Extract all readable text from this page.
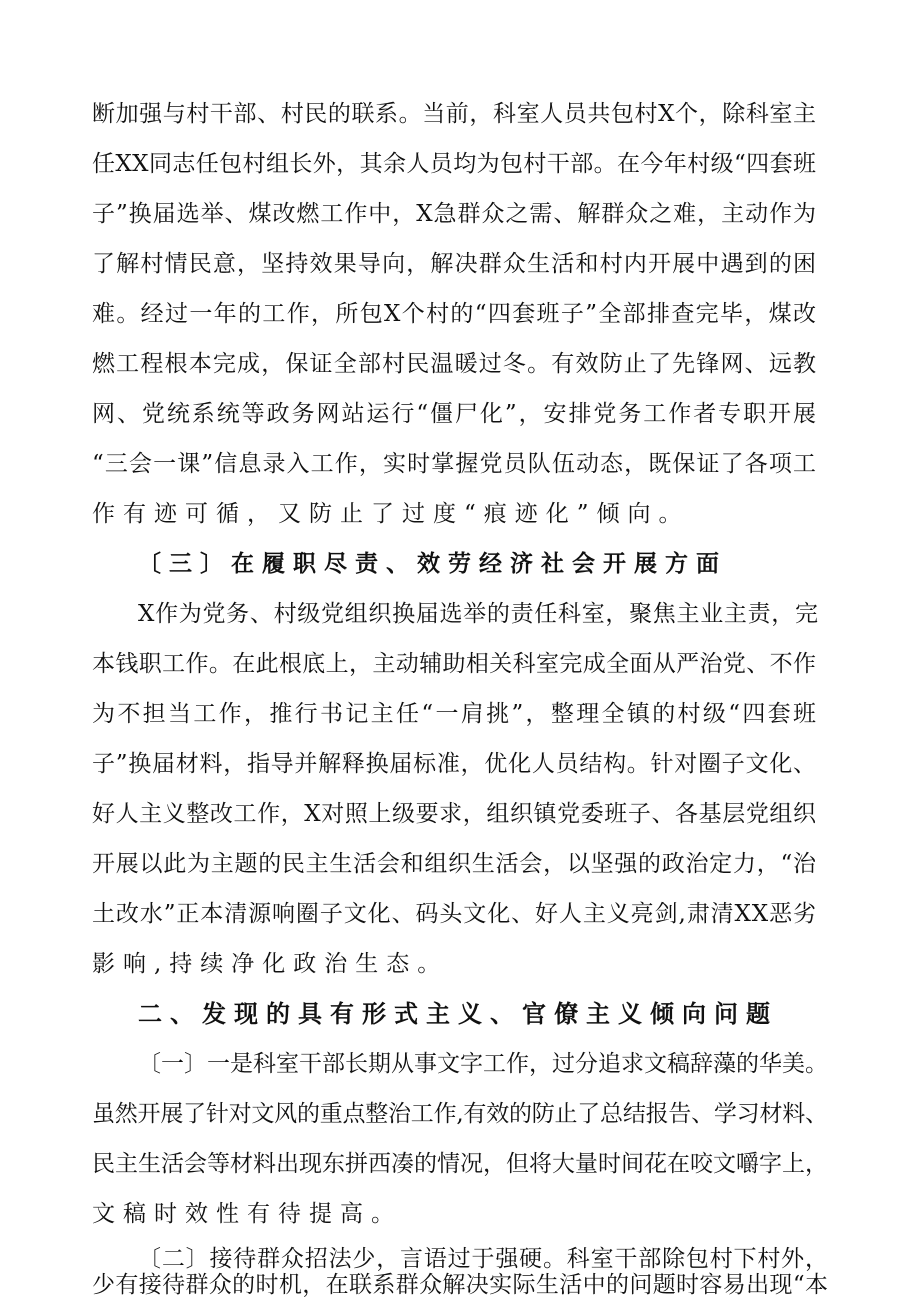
断加强与村干部、村民的联系。当前，科室人员共包村X个，除科室主
任XX同志任包村组长外，其余人员均为包村干部。在今年村级“四套班
子”换届选举、煤改燃工作中，X急群众之需、解群众之难，主动作为
了解村情民意，坚持效果导向，解决群众生活和村内开展中遇到的困
难。经过一年的工作，所包X个村的“四套班子”全部排查完毕，煤改
燃工程根本完成，保证全部村民温暖过冬。有效防止了先锋网、远教
网、党统系统等政务网站运行“僵尸化”，安排党务工作者专职开展
“三会一课”信息录入工作，实时掌握党员队伍动态，既保证了各项工
作有迹可循，又防止了过度“痕迹化”倾向。
〔三〕在履职尽责、效劳经济社会开展方面
X作为党务、村级党组织换届选举的责任科室，聚焦主业主责，完
本钱职工作。在此根底上，主动辅助相关科室完成全面从严治党、不作
为不担当工作，推行书记主任“一肩挑”，整理全镇的村级“四套班
子”换届材料，指导并解释换届标准，优化人员结构。针对圈子文化、
好人主义整改工作，X对照上级要求，组织镇党委班子、各基层党组织
开展以此为主题的民主生活会和组织生活会，以坚强的政治定力，“治
土改水”正本清源响圈子文化、码头文化、好人主义亮剑,肃清XX恶劣
影响,持续净化政治生态。
二、发现的具有形式主义、官僚主义倾向问题
〔一〕一是科室干部长期从事文字工作，过分追求文稿辞藻的华美。
虽然开展了针对文风的重点整治工作,有效的防止了总结报告、学习材料、
民主生活会等材料出现东拼西凑的情况，但将大量时间花在咬文嚼字上，
文稿时效性有待提高。
〔二〕接待群众招法少，言语过于强硬。科室干部除包村下村外，
少有接待群众的时机，在联系群众解决实际生活中的问题时容易出现“本
